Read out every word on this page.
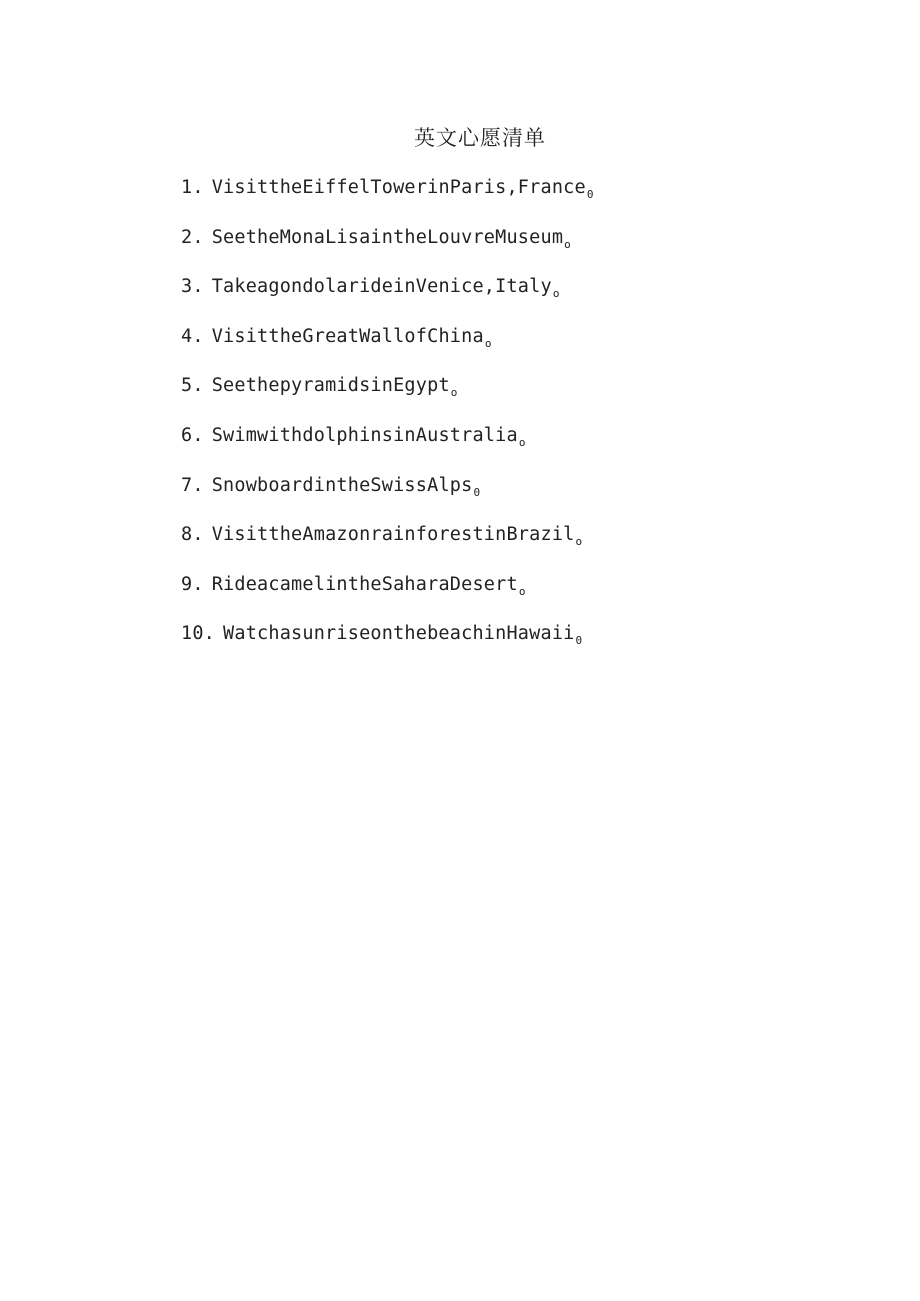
英文心愿清单
1. VisittheEiffelTowerinParis,France$_0$
2. SeetheMonaLisaintheLouvreMuseum$_o$
3. TakeagondolarideinVenice,Italy$_o$
4. VisittheGreatWallofChina$_o$
5. SeethepyramidsinEgypt$_o$
6. SwimwithdolphinsinAustralia$_o$
7. SnowboardintheSwissAlps$_0$
8. VisittheAmazonrainforestinBrazil$_o$
9. RideacamelintheSaharaDesert$_o$
10. WatchasunriseonthebeachinHawaii$_0$
